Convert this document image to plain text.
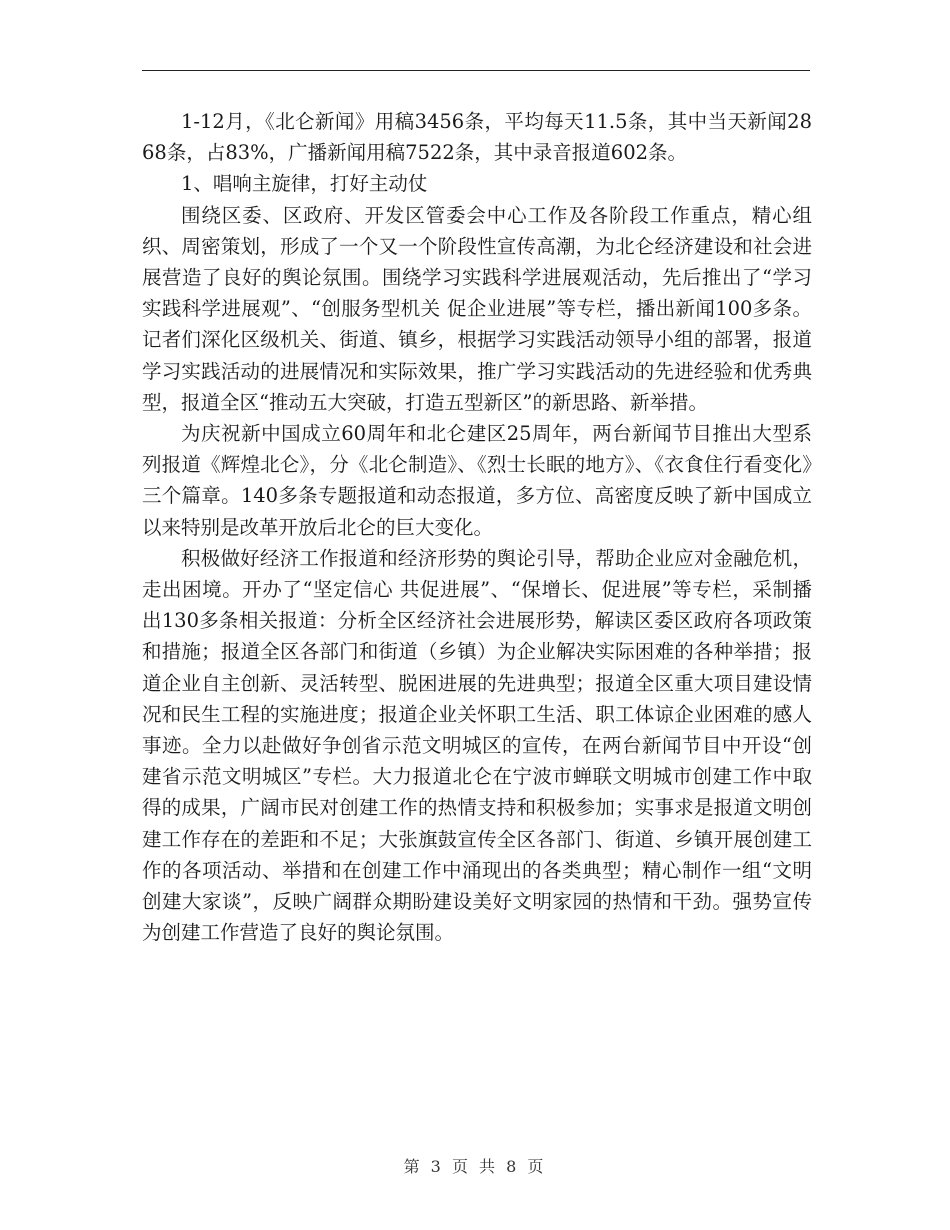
1-12月，《北仑新闻》用稿3456条，平均每天11.5条，其中当天新闻2868条，占83%，广播新闻用稿7522条，其中录音报道602条。

1、唱响主旋律，打好主动仗

围绕区委、区政府、开发区管委会中心工作及各阶段工作重点，精心组织、周密策划，形成了一个又一个阶段性宣传高潮，为北仑经济建设和社会进展营造了良好的舆论氛围。围绕学习实践科学进展观活动，先后推出了“学习实践科学进展观”、“创服务型机关 促企业进展”等专栏，播出新闻100多条。记者们深化区级机关、街道、镇乡，根据学习实践活动领导小组的部署，报道学习实践活动的进展情况和实际效果，推广学习实践活动的先进经验和优秀典型，报道全区“推动五大突破，打造五型新区”的新思路、新举措。

为庆祝新中国成立60周年和北仑建区25周年，两台新闻节目推出大型系列报道《辉煌北仑》，分《北仑制造》、《烈士长眠的地方》、《衣食住行看变化》三个篇章。140多条专题报道和动态报道，多方位、高密度反映了新中国成立以来特别是改革开放后北仑的巨大变化。

积极做好经济工作报道和经济形势的舆论引导，帮助企业应对金融危机，走出困境。开办了“坚定信心 共促进展”、“保增长、促进展”等专栏，采制播出130多条相关报道：分析全区经济社会进展形势，解读区委区政府各项政策和措施；报道全区各部门和街道（乡镇）为企业解决实际困难的各种举措；报道企业自主创新、灵活转型、脱困进展的先进典型；报道全区重大项目建设情况和民生工程的实施进度；报道企业关怀职工生活、职工体谅企业困难的感人事迹。全力以赴做好争创省示范文明城区的宣传，在两台新闻节目中开设“创建省示范文明城区”专栏。大力报道北仑在宁波市蝉联文明城市创建工作中取得的成果，广阔市民对创建工作的热情支持和积极参加；实事求是报道文明创建工作存在的差距和不足；大张旗鼓宣传全区各部门、街道、乡镇开展创建工作的各项活动、举措和在创建工作中涌现出的各类典型；精心制作一组“文明创建大家谈”，反映广阔群众期盼建设美好文明家园的热情和干劲。强势宣传为创建工作营造了良好的舆论氛围。

第 3 页 共 8 页
